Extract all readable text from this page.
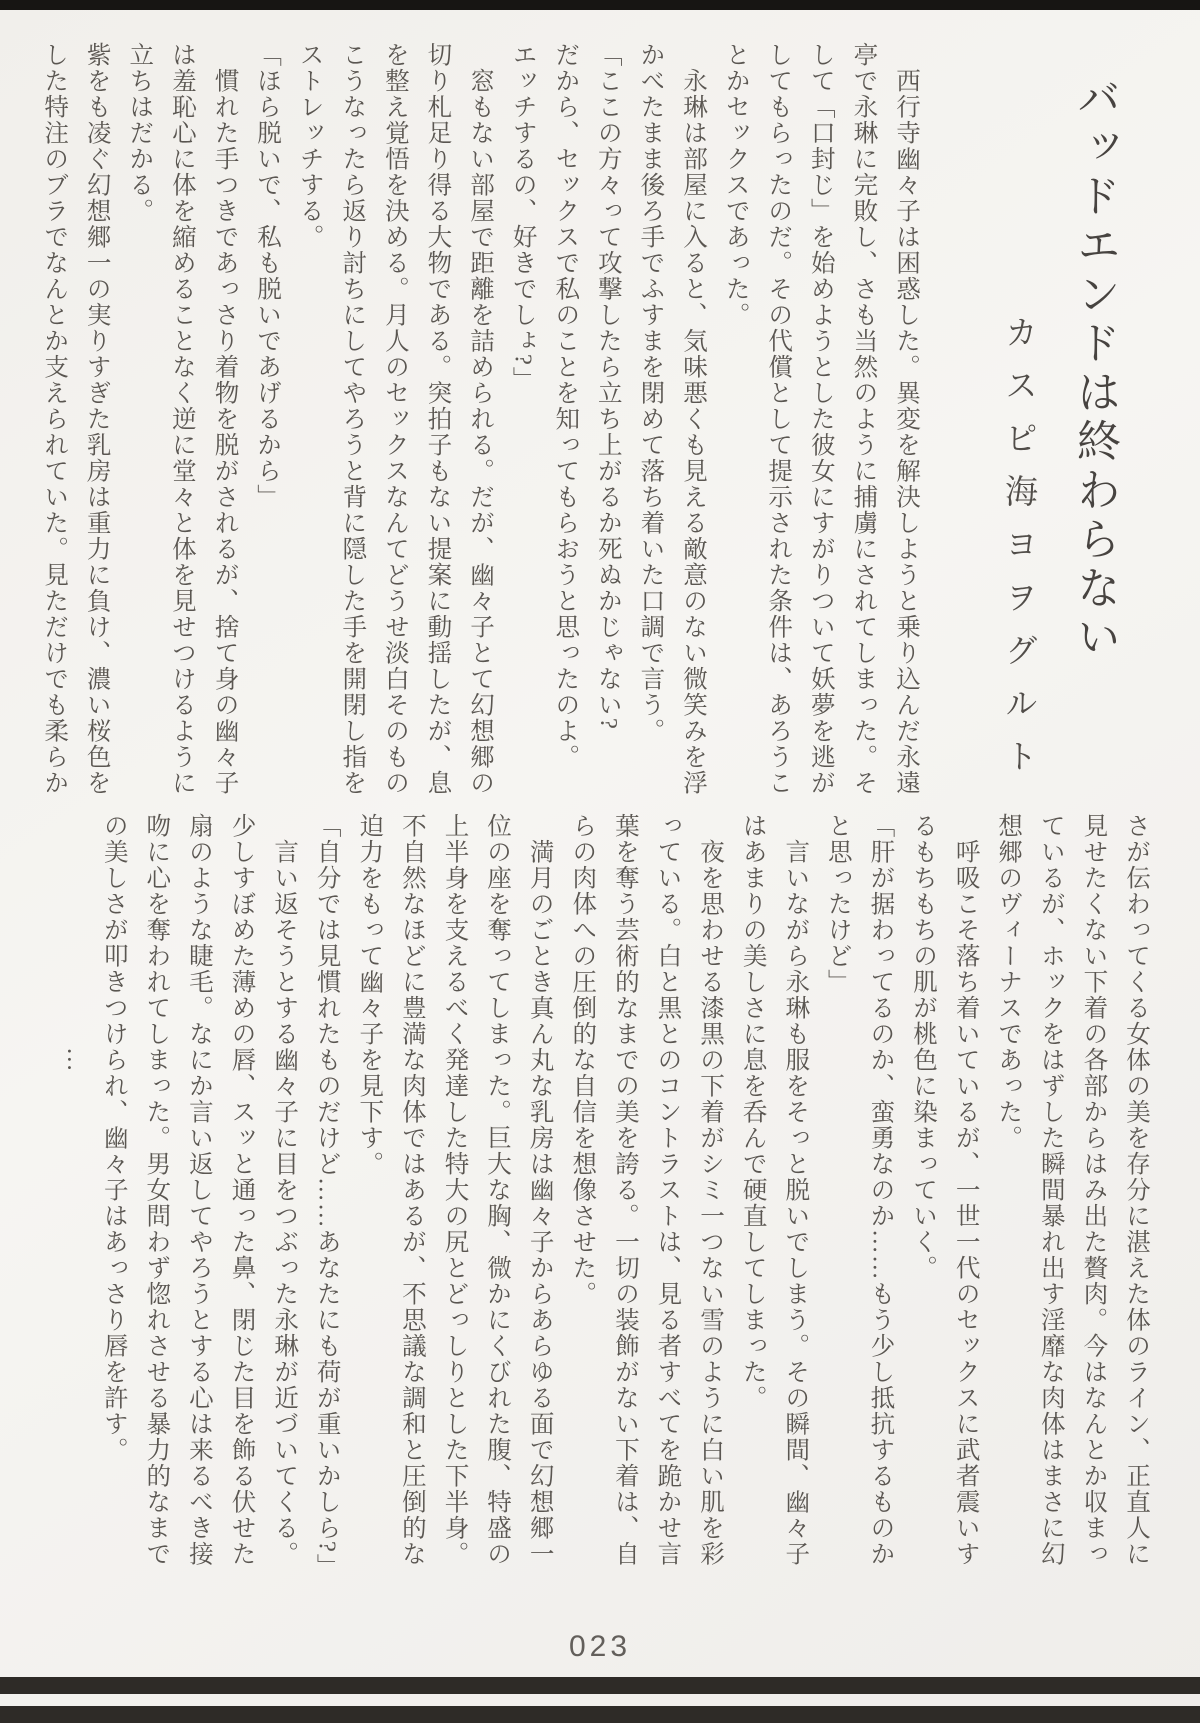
バッドエンドは終わらない
カスピ海ヨヲグルト
西行寺幽々子は困惑した。異変を解決しようと乗り込んだ永遠
亭で永琳に完敗し、さも当然のように捕虜にされてしまった。そ
して「口封じ」を始めようとした彼女にすがりついて妖夢を逃が
してもらったのだ。その代償として提示された条件は、あろうこ
とかセックスであった。
永琳は部屋に入ると、気味悪くも見える敵意のない微笑みを浮
かべたまま後ろ手でふすまを閉めて落ち着いた口調で言う。
「ここの方々って攻撃したら立ち上がるか死ぬかじゃない?
だから、セックスで私のことを知ってもらおうと思ったのよ。
エッチするの、好きでしょ?」
窓もない部屋で距離を詰められる。だが、幽々子とて幻想郷の
切り札足り得る大物である。突拍子もない提案に動揺したが、息
を整え覚悟を決める。月人のセックスなんてどうせ淡白そのもの
こうなったら返り討ちにしてやろうと背に隠した手を開閉し指を
ストレッチする。
「ほら脱いで、私も脱いであげるから」
慣れた手つきであっさり着物を脱がされるが、捨て身の幽々子
は羞恥心に体を縮めることなく逆に堂々と体を見せつけるように
立ちはだかる。
紫をも凌ぐ幻想郷一の実りすぎた乳房は重力に負け、濃い桜色を
した特注のブラでなんとか支えられていた。見ただけでも柔らか
さが伝わってくる女体の美を存分に湛えた体のライン、正直人に
見せたくない下着の各部からはみ出た贅肉。今はなんとか収まっ
ているが、ホックをはずした瞬間暴れ出す淫靡な肉体はまさに幻
想郷のヴィーナスであった。
呼吸こそ落ち着いているが、一世一代のセックスに武者震いす
るもちもちの肌が桃色に染まっていく。
「肝が据わってるのか、蛮勇なのか……もう少し抵抗するものか
と思ったけど」
言いながら永琳も服をそっと脱いでしまう。その瞬間、幽々子
はあまりの美しさに息を呑んで硬直してしまった。
夜を思わせる漆黒の下着がシミ一つない雪のように白い肌を彩
っている。白と黒とのコントラストは、見る者すべてを跪かせ言
葉を奪う芸術的なまでの美を誇る。一切の装飾がない下着は、自
らの肉体への圧倒的な自信を想像させた。
満月のごとき真ん丸な乳房は幽々子からあらゆる面で幻想郷一
位の座を奪ってしまった。巨大な胸、微かにくびれた腹、特盛の
上半身を支えるべく発達した特大の尻とどっしりとした下半身。
不自然なほどに豊満な肉体ではあるが、不思議な調和と圧倒的な
迫力をもって幽々子を見下す。
「自分では見慣れたものだけど……あなたにも荷が重いかしら?」
言い返そうとする幽々子に目をつぶった永琳が近づいてくる。
少しすぼめた薄めの唇、スッと通った鼻、閉じた目を飾る伏せた
扇のような睫毛。なにか言い返してやろうとする心は来るべき接
吻に心を奪われてしまった。男女問わず惚れさせる暴力的なまで
の美しさが叩きつけられ、幽々子はあっさり唇を許す。
…
023
